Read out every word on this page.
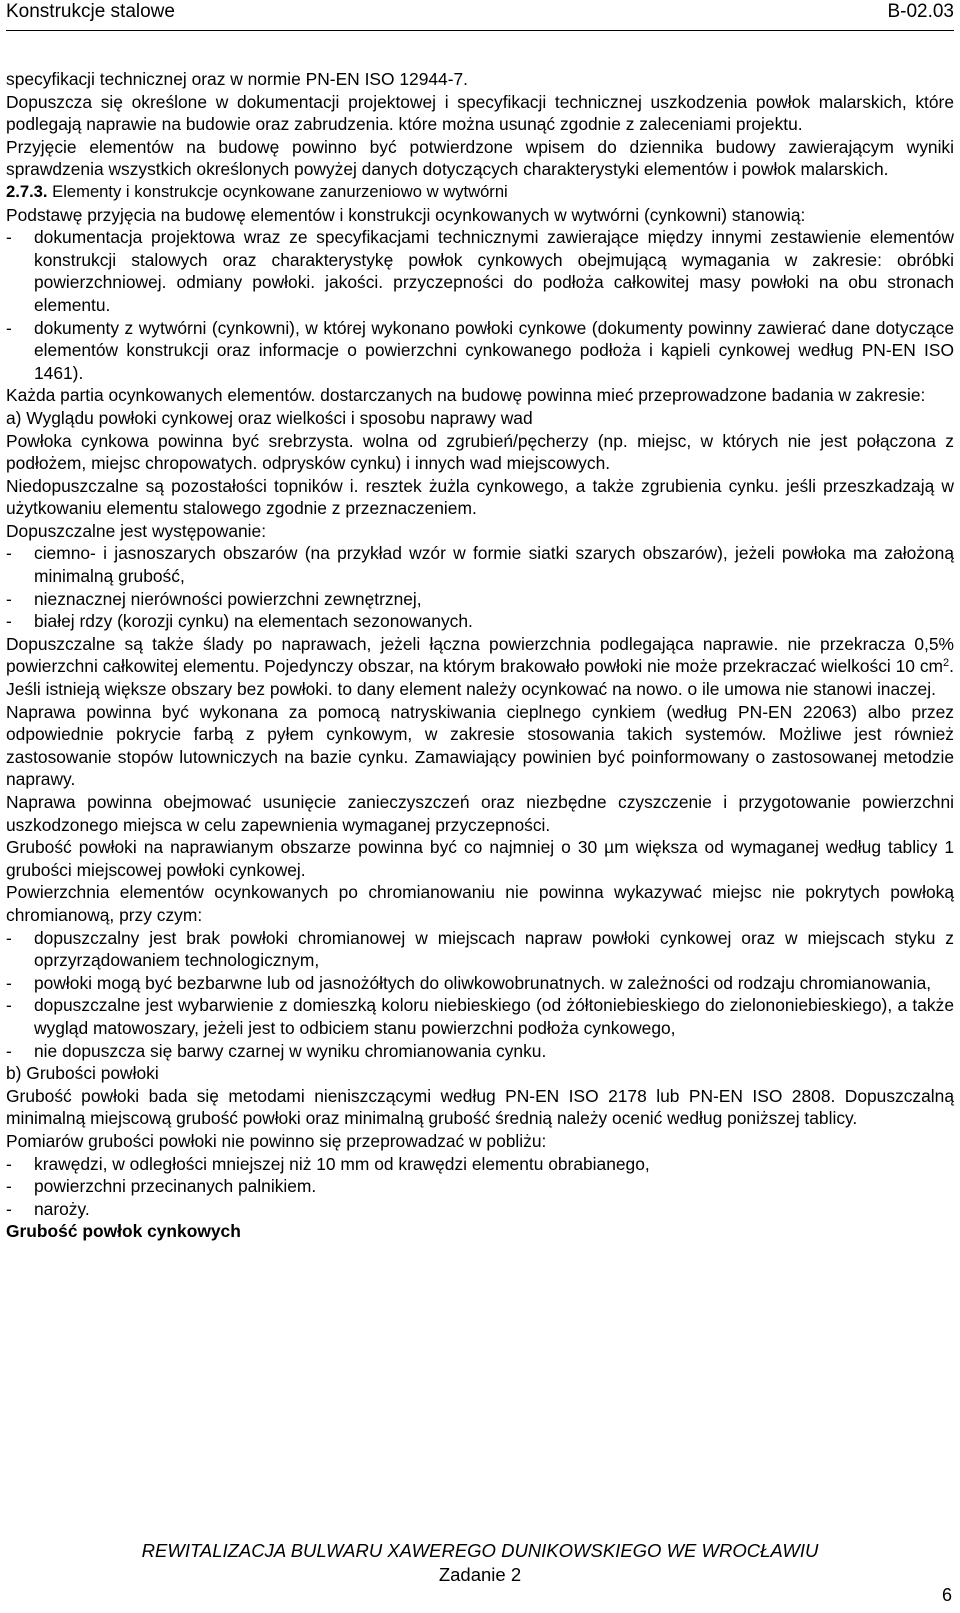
Konstrukcje stalowe	B-02.03

specyfikacji technicznej oraz w normie PN-EN ISO 12944-7.

Dopuszcza się określone w dokumentacji projektowej i specyfikacji technicznej uszkodzenia powłok malarskich, które podlegają naprawie na budowie oraz zabrudzenia. które można usunąć zgodnie z zaleceniami projektu.

Przyjęcie elementów na budowę powinno być potwierdzone wpisem do dziennika budowy zawierającym wyniki sprawdzenia wszystkich określonych powyżej danych dotyczących charakterystyki elementów i powłok malarskich.

2.7.3. Elementy i konstrukcje ocynkowane zanurzeniowo w wytwórni

Podstawę przyjęcia na budowę elementów i konstrukcji ocynkowanych w wytwórni (cynkowni) stanowią:

- dokumentacja projektowa wraz ze specyfikacjami technicznymi zawierające między innymi zestawienie elementów konstrukcji stalowych oraz charakterystykę powłok cynkowych obejmującą wymagania w zakresie: obróbki powierzchniowej. odmiany powłoki. jakości. przyczepności do podłoża całkowitej masy powłoki na obu stronach elementu.
- dokumenty z wytwórni (cynkowni), w której wykonano powłoki cynkowe (dokumenty powinny zawierać dane dotyczące elementów konstrukcji oraz informacje o powierzchni cynkowanego podłoża i kąpieli cynkowej według PN-EN ISO 1461).

Każda partia ocynkowanych elementów. dostarczanych na budowę powinna mieć przeprowadzone badania w zakresie:

a) Wyglądu powłoki cynkowej oraz wielkości i sposobu naprawy wad

Powłoka cynkowa powinna być srebrzysta. wolna od zgrubień/pęcherzy (np. miejsc, w których nie jest połączona z podłożem, miejsc chropowatych. odprysków cynku) i innych wad miejscowych.

Niedopuszczalne są pozostałości topników i. resztek żużla cynkowego, a także zgrubienia cynku. jeśli przeszkadzają w użytkowaniu elementu stalowego zgodnie z przeznaczeniem.

Dopuszczalne jest występowanie:

- ciemno- i jasnoszarych obszarów (na przykład wzór w formie siatki szarych obszarów), jeżeli powłoka ma założoną minimalną grubość,
- nieznacznej nierówności powierzchni zewnętrznej,
- białej rdzy (korozji cynku) na elementach sezonowanych.

Dopuszczalne są także ślady po naprawach, jeżeli łączna powierzchnia podlegająca naprawie. nie przekracza 0,5% powierzchni całkowitej elementu. Pojedynczy obszar, na którym brakowało powłoki nie może przekraczać wielkości 10 $cm^2$. Jeśli istnieją większe obszary bez powłoki. to dany element należy ocynkować na nowo. o ile umowa nie stanowi inaczej.

Naprawa powinna być wykonana za pomocą natryskiwania cieplnego cynkiem (według PN-EN 22063) albo przez odpowiednie pokrycie farbą z pyłem cynkowym, w zakresie stosowania takich systemów. Możliwe jest również zastosowanie stopów lutowniczych na bazie cynku. Zamawiający powinien być poinformowany o zastosowanej metodzie naprawy.

Naprawa powinna obejmować usunięcie zanieczyszczeń oraz niezbędne czyszczenie i przygotowanie powierzchni uszkodzonego miejsca w celu zapewnienia wymaganej przyczepności.

Grubość powłoki na naprawianym obszarze powinna być co najmniej o 30 µm większa od wymaganej według tablicy 1 grubości miejscowej powłoki cynkowej.

Powierzchnia elementów ocynkowanych po chromianowaniu nie powinna wykazywać miejsc nie pokrytych powłoką chromianową, przy czym:

- dopuszczalny jest brak powłoki chromianowej w miejscach napraw powłoki cynkowej oraz w miejscach styku z oprzyrządowaniem technologicznym,
- powłoki mogą być bezbarwne lub od jasnożółtych do oliwkowobrunatnych. w zależności od rodzaju chromianowania,
- dopuszczalne jest wybarwienie z domieszką koloru niebieskiego (od żółtoniebieskiego do zielononiebieskiego), a także wygląd matowoszary, jeżeli jest to odbiciem stanu powierzchni podłoża cynkowego,
- nie dopuszcza się barwy czarnej w wyniku chromianowania cynku.

b) Grubości powłoki

Grubość powłoki bada się metodami nieniszczącymi według PN-EN ISO 2178 lub PN-EN ISO 2808. Dopuszczalną minimalną miejscową grubość powłoki oraz minimalną grubość średnią należy ocenić według poniższej tablicy.

Pomiarów grubości powłoki nie powinno się przeprowadzać w pobliżu:

- krawędzi, w odległości mniejszej niż 10 mm od krawędzi elementu obrabianego,
- powierzchni przecinanych palnikiem.
- naroży.

Grubość powłok cynkowych

REWITALIZACJA BULWARU XAWEREGO DUNIKOWSKIEGO WE WROCŁAWIU
Zadanie 2
6
